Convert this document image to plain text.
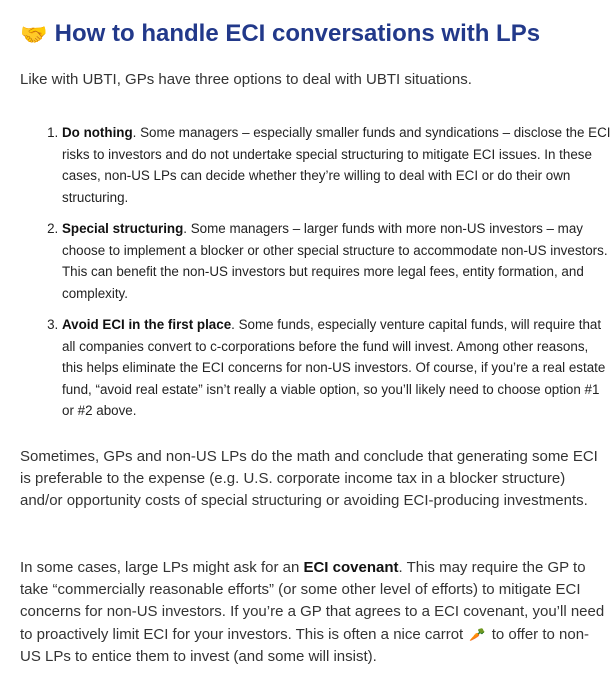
🤝 How to handle ECI conversations with LPs

Like with UBTI, GPs have three options to deal with UBTI situations.

1. Do nothing. Some managers – especially smaller funds and syndications – disclose the ECI risks to investors and do not undertake special structuring to mitigate ECI issues. In these cases, non-US LPs can decide whether they’re willing to deal with ECI or do their own structuring.
2. Special structuring. Some managers – larger funds with more non-US investors – may choose to implement a blocker or other special structure to accommodate non-US investors. This can benefit the non-US investors but requires more legal fees, entity formation, and complexity.
3. Avoid ECI in the first place. Some funds, especially venture capital funds, will require that all companies convert to c-corporations before the fund will invest. Among other reasons, this helps eliminate the ECI concerns for non-US investors. Of course, if you’re a real estate fund, “avoid real estate” isn’t really a viable option, so you’ll likely need to choose option #1 or #2 above.

Sometimes, GPs and non-US LPs do the math and conclude that generating some ECI is preferable to the expense (e.g. U.S. corporate income tax in a blocker structure) and/or opportunity costs of special structuring or avoiding ECI-producing investments.

In some cases, large LPs might ask for an ECI covenant. This may require the GP to take “commercially reasonable efforts” (or some other level of efforts) to mitigate ECI concerns for non-US investors. If you’re a GP that agrees to a ECI covenant, you’ll need to proactively limit ECI for your investors. This is often a nice carrot 🥕 to offer to non-US LPs to entice them to invest (and some will insist).
